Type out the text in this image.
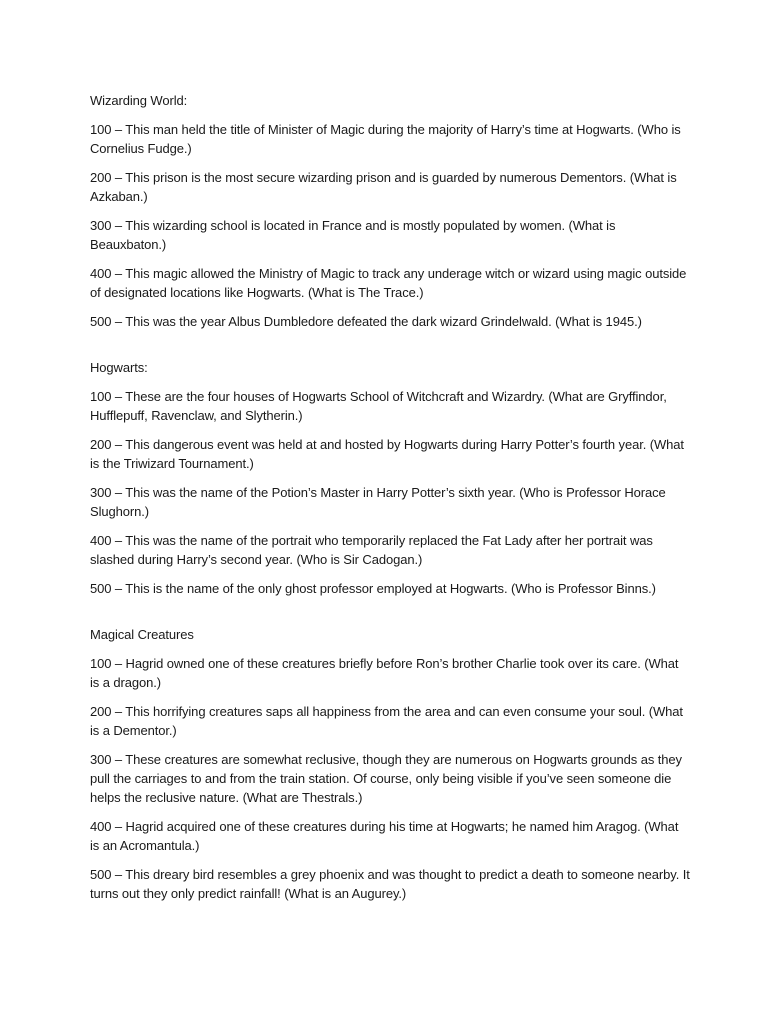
Wizarding World:

100 – This man held the title of Minister of Magic during the majority of Harry’s time at Hogwarts. (Who is Cornelius Fudge.)

200 – This prison is the most secure wizarding prison and is guarded by numerous Dementors. (What is Azkaban.)

300 – This wizarding school is located in France and is mostly populated by women. (What is Beauxbaton.)

400 – This magic allowed the Ministry of Magic to track any underage witch or wizard using magic outside of designated locations like Hogwarts. (What is The Trace.)

500 – This was the year Albus Dumbledore defeated the dark wizard Grindelwald. (What is 1945.)

Hogwarts:

100 – These are the four houses of Hogwarts School of Witchcraft and Wizardry. (What are Gryffindor, Hufflepuff, Ravenclaw, and Slytherin.)

200 – This dangerous event was held at and hosted by Hogwarts during Harry Potter’s fourth year. (What is the Triwizard Tournament.)

300 – This was the name of the Potion’s Master in Harry Potter’s sixth year. (Who is Professor Horace Slughorn.)

400 – This was the name of the portrait who temporarily replaced the Fat Lady after her portrait was slashed during Harry’s second year. (Who is Sir Cadogan.)

500 – This is the name of the only ghost professor employed at Hogwarts. (Who is Professor Binns.)

Magical Creatures

100 – Hagrid owned one of these creatures briefly before Ron’s brother Charlie took over its care. (What is a dragon.)

200 – This horrifying creatures saps all happiness from the area and can even consume your soul. (What is a Dementor.)

300 – These creatures are somewhat reclusive, though they are numerous on Hogwarts grounds as they pull the carriages to and from the train station. Of course, only being visible if you’ve seen someone die helps the reclusive nature. (What are Thestrals.)

400 – Hagrid acquired one of these creatures during his time at Hogwarts; he named him Aragog. (What is an Acromantula.)

500 – This dreary bird resembles a grey phoenix and was thought to predict a death to someone nearby. It turns out they only predict rainfall! (What is an Augurey.)
